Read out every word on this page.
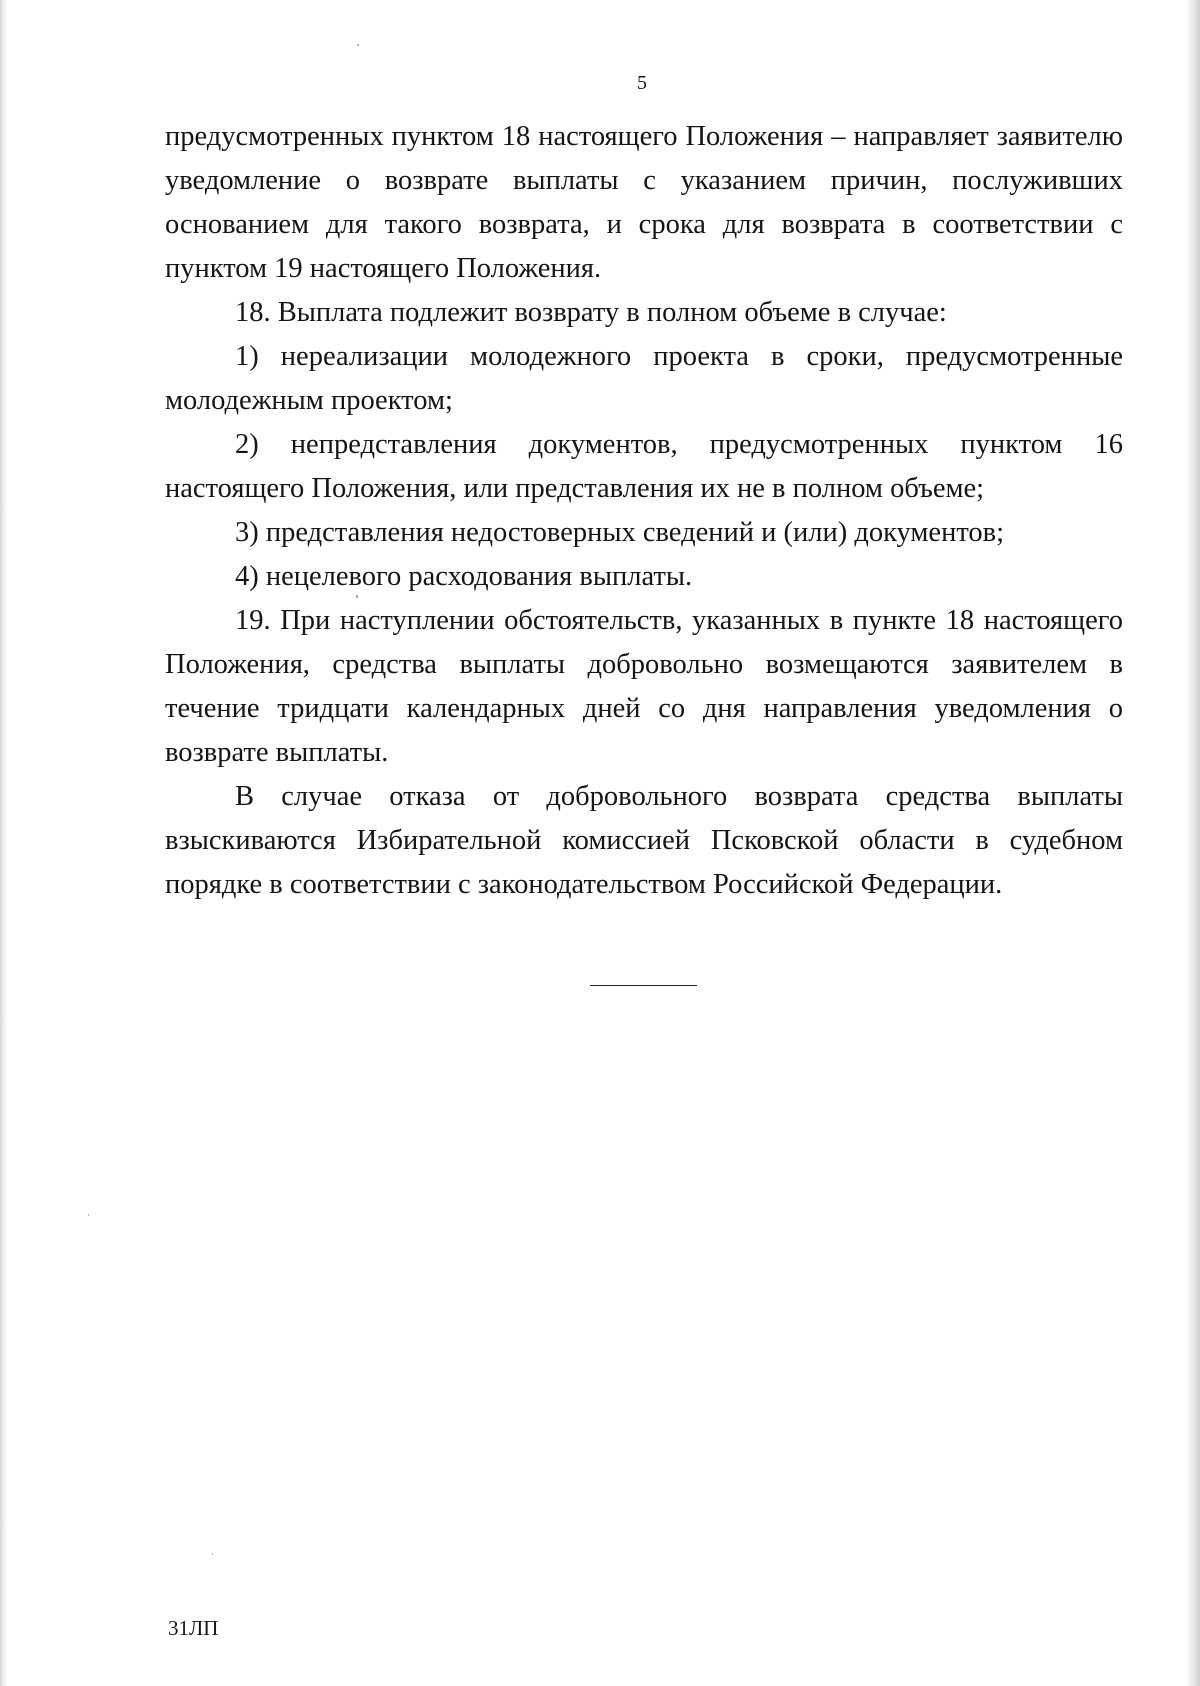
5

предусмотренных пунктом 18 настоящего Положения – направляет заявителю уведомление о возврате выплаты с указанием причин, послуживших основанием для такого возврата, и срока для возврата в соответствии с пунктом 19 настоящего Положения.

18. Выплата подлежит возврату в полном объеме в случае:

1) нереализации молодежного проекта в сроки, предусмотренные молодежным проектом;

2) непредставления документов, предусмотренных пунктом 16 настоящего Положения, или представления их не в полном объеме;

3) представления недостоверных сведений и (или) документов;

4) нецелевого расходования выплаты.

19. При наступлении обстоятельств, указанных в пункте 18 настоящего Положения, средства выплаты добровольно возмещаются заявителем в течение тридцати календарных дней со дня направления уведомления о возврате выплаты.

В случае отказа от добровольного возврата средства выплаты взыскиваются Избирательной комиссией Псковской области в судебном порядке в соответствии с законодательством Российской Федерации.

31ЛП
